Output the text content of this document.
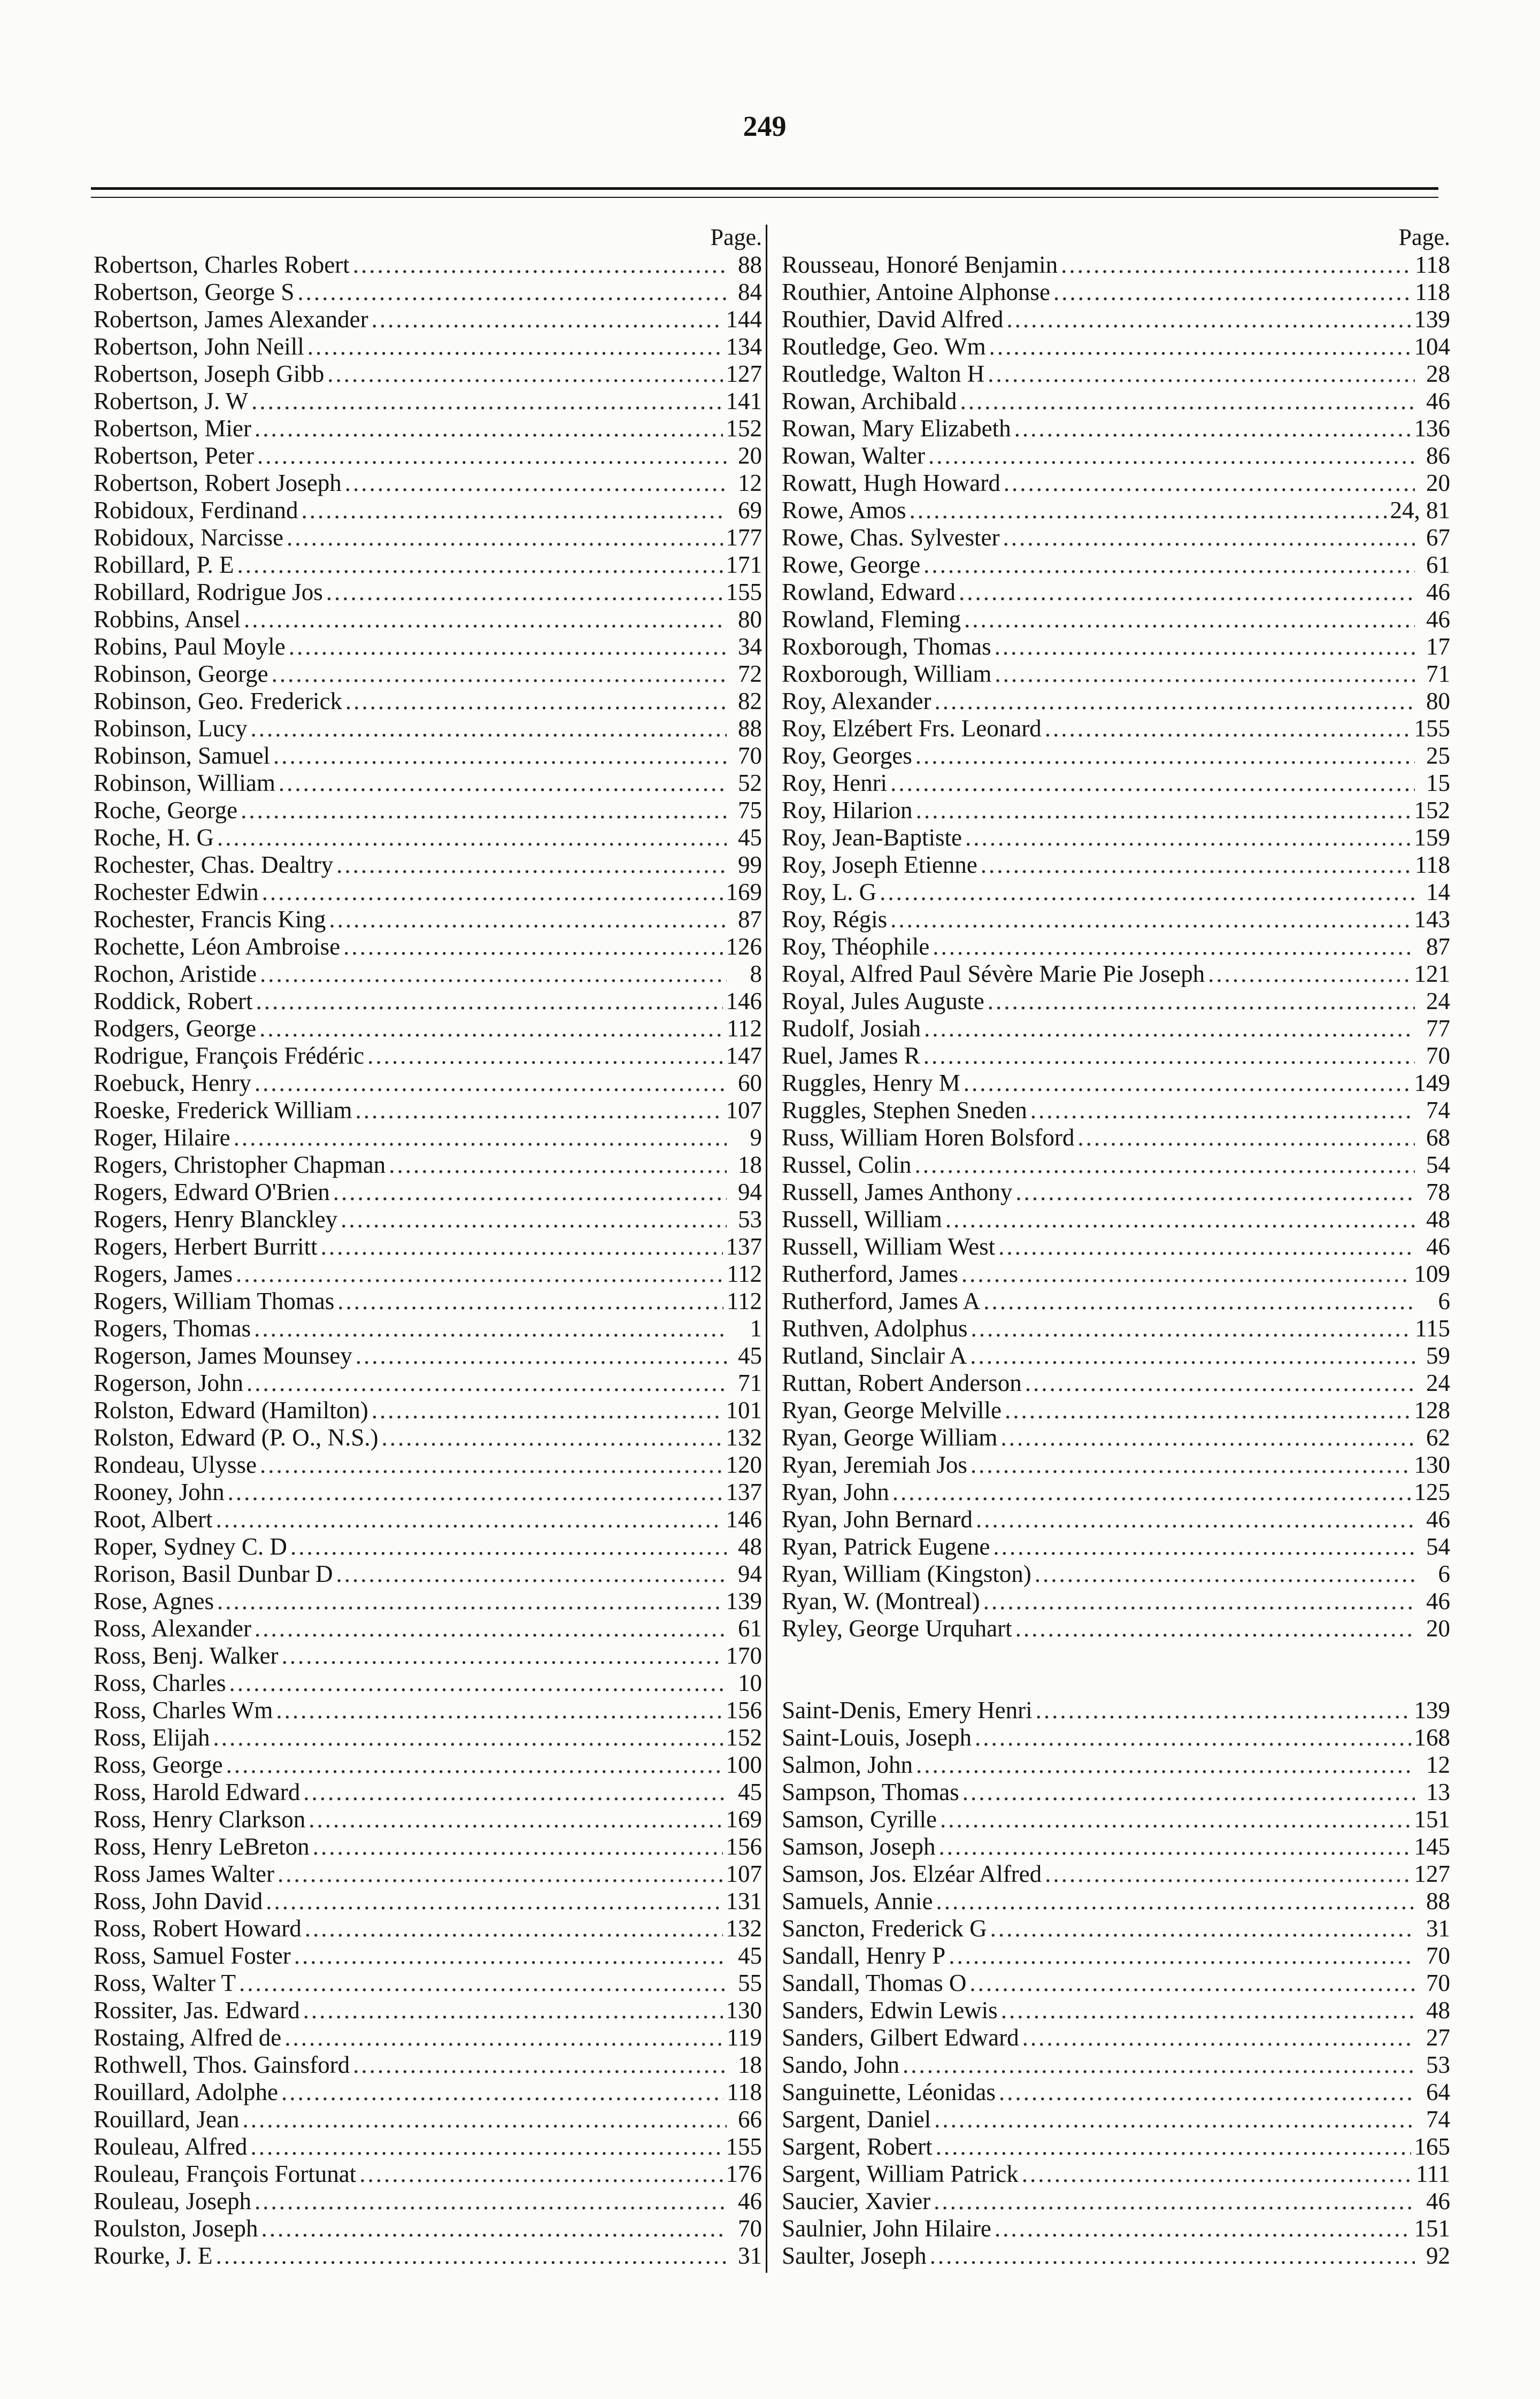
249
Page.
Robertson, Charles Robert .....	88
Robertson, George S .....	84
Robertson, James Alexander .....	144
Robertson, John Neill .....	134
Robertson, Joseph Gibb .....	127
Robertson, J. W .....	141
Robertson, Mier .....	152
Robertson, Peter .....	20
Robertson, Robert Joseph .....	12
Robidoux, Ferdinand .....	69
Robidoux, Narcisse .....	177
Robillard, P. E .....	171
Robillard, Rodrigue Jos .....	155
Robbins, Ansel .....	80
Robins, Paul Moyle .....	34
Robinson, George .....	72
Robinson, Geo. Frederick .....	82
Robinson, Lucy .....	88
Robinson, Samuel .....	70
Robinson, William .....	52
Roche, George .....	75
Roche, H. G .....	45
Rochester, Chas. Dealtry .....	99
Rochester Edwin .....	169
Rochester, Francis King .....	87
Rochette, Léon Ambroise .....	126
Rochon, Aristide .....	8
Roddick, Robert .....	146
Rodgers, George .....	112
Rodrigue, François Frédéric .....	147
Roebuck, Henry .....	60
Roeske, Frederick William .....	107
Roger, Hilaire .....	9
Rogers, Christopher Chapman .....	18
Rogers, Edward O'Brien .....	94
Rogers, Henry Blanckley .....	53
Rogers, Herbert Burritt .....	137
Rogers, James .....	112
Rogers, William Thomas .....	112
Rogers, Thomas .....	1
Rogerson, James Mounsey .....	45
Rogerson, John .....	71
Rolston, Edward (Hamilton) .....	101
Rolston, Edward (P. O., N.S.) .....	132
Rondeau, Ulysse .....	120
Rooney, John .....	137
Root, Albert .....	146
Roper, Sydney C. D .....	48
Rorison, Basil Dunbar D .....	94
Rose, Agnes .....	139
Ross, Alexander .....	61
Ross, Benj. Walker .....	170
Ross, Charles .....	10
Ross, Charles Wm .....	156
Ross, Elijah .....	152
Ross, George .....	100
Ross, Harold Edward .....	45
Ross, Henry Clarkson .....	169
Ross, Henry LeBreton .....	156
Ross James Walter .....	107
Ross, John David .....	131
Ross, Robert Howard .....	132
Ross, Samuel Foster .....	45
Ross, Walter T .....	55
Rossiter, Jas. Edward .....	130
Rostaing, Alfred de .....	119
Rothwell, Thos. Gainsford .....	18
Rouillard, Adolphe .....	118
Rouillard, Jean .....	66
Rouleau, Alfred .....	155
Rouleau, François Fortunat .....	176
Rouleau, Joseph .....	46
Roulston, Joseph .....	70
Rourke, J. E .....	31
Page.
Rousseau, Honoré Benjamin .....	118
Routhier, Antoine Alphonse .....	118
Routhier, David Alfred .....	139
Routledge, Geo. Wm .....	104
Routledge, Walton H .....	28
Rowan, Archibald .....	46
Rowan, Mary Elizabeth .....	136
Rowan, Walter .....	86
Rowatt, Hugh Howard .....	20
Rowe, Amos .....	24, 81
Rowe, Chas. Sylvester .....	67
Rowe, George .....	61
Rowland, Edward .....	46
Rowland, Fleming .....	46
Roxborough, Thomas .....	17
Roxborough, William .....	71
Roy, Alexander .....	80
Roy, Elzébert Frs. Leonard .....	155
Roy, Georges .....	25
Roy, Henri .....	15
Roy, Hilarion .....	152
Roy, Jean-Baptiste .....	159
Roy, Joseph Etienne .....	118
Roy, L. G .....	14
Roy, Régis .....	143
Roy, Théophile .....	87
Royal, Alfred Paul Sévère Marie Pie Joseph .....	121
Royal, Jules Auguste .....	24
Rudolf, Josiah .....	77
Ruel, James R .....	70
Ruggles, Henry M .....	149
Ruggles, Stephen Sneden .....	74
Russ, William Horen Bolsford .....	68
Russel, Colin .....	54
Russell, James Anthony .....	78
Russell, William .....	48
Russell, William West .....	46
Rutherford, James .....	109
Rutherford, James A .....	6
Ruthven, Adolphus .....	115
Rutland, Sinclair A .....	59
Ruttan, Robert Anderson .....	24
Ryan, George Melville .....	128
Ryan, George William .....	62
Ryan, Jeremiah Jos .....	130
Ryan, John .....	125
Ryan, John Bernard .....	46
Ryan, Patrick Eugene .....	54
Ryan, William (Kingston) .....	6
Ryan, W. (Montreal) .....	46
Ryley, George Urquhart .....	20
Saint-Denis, Emery Henri .....	139
Saint-Louis, Joseph .....	168
Salmon, John .....	12
Sampson, Thomas .....	13
Samson, Cyrille .....	151
Samson, Joseph .....	145
Samson, Jos. Elzéar Alfred .....	127
Samuels, Annie .....	88
Sancton, Frederick G .....	31
Sandall, Henry P .....	70
Sandall, Thomas O .....	70
Sanders, Edwin Lewis .....	48
Sanders, Gilbert Edward .....	27
Sando, John .....	53
Sanguinette, Léonidas .....	64
Sargent, Daniel .....	74
Sargent, Robert .....	165
Sargent, William Patrick .....	111
Saucier, Xavier .....	46
Saulnier, John Hilaire .....	151
Saulter, Joseph .....	92
